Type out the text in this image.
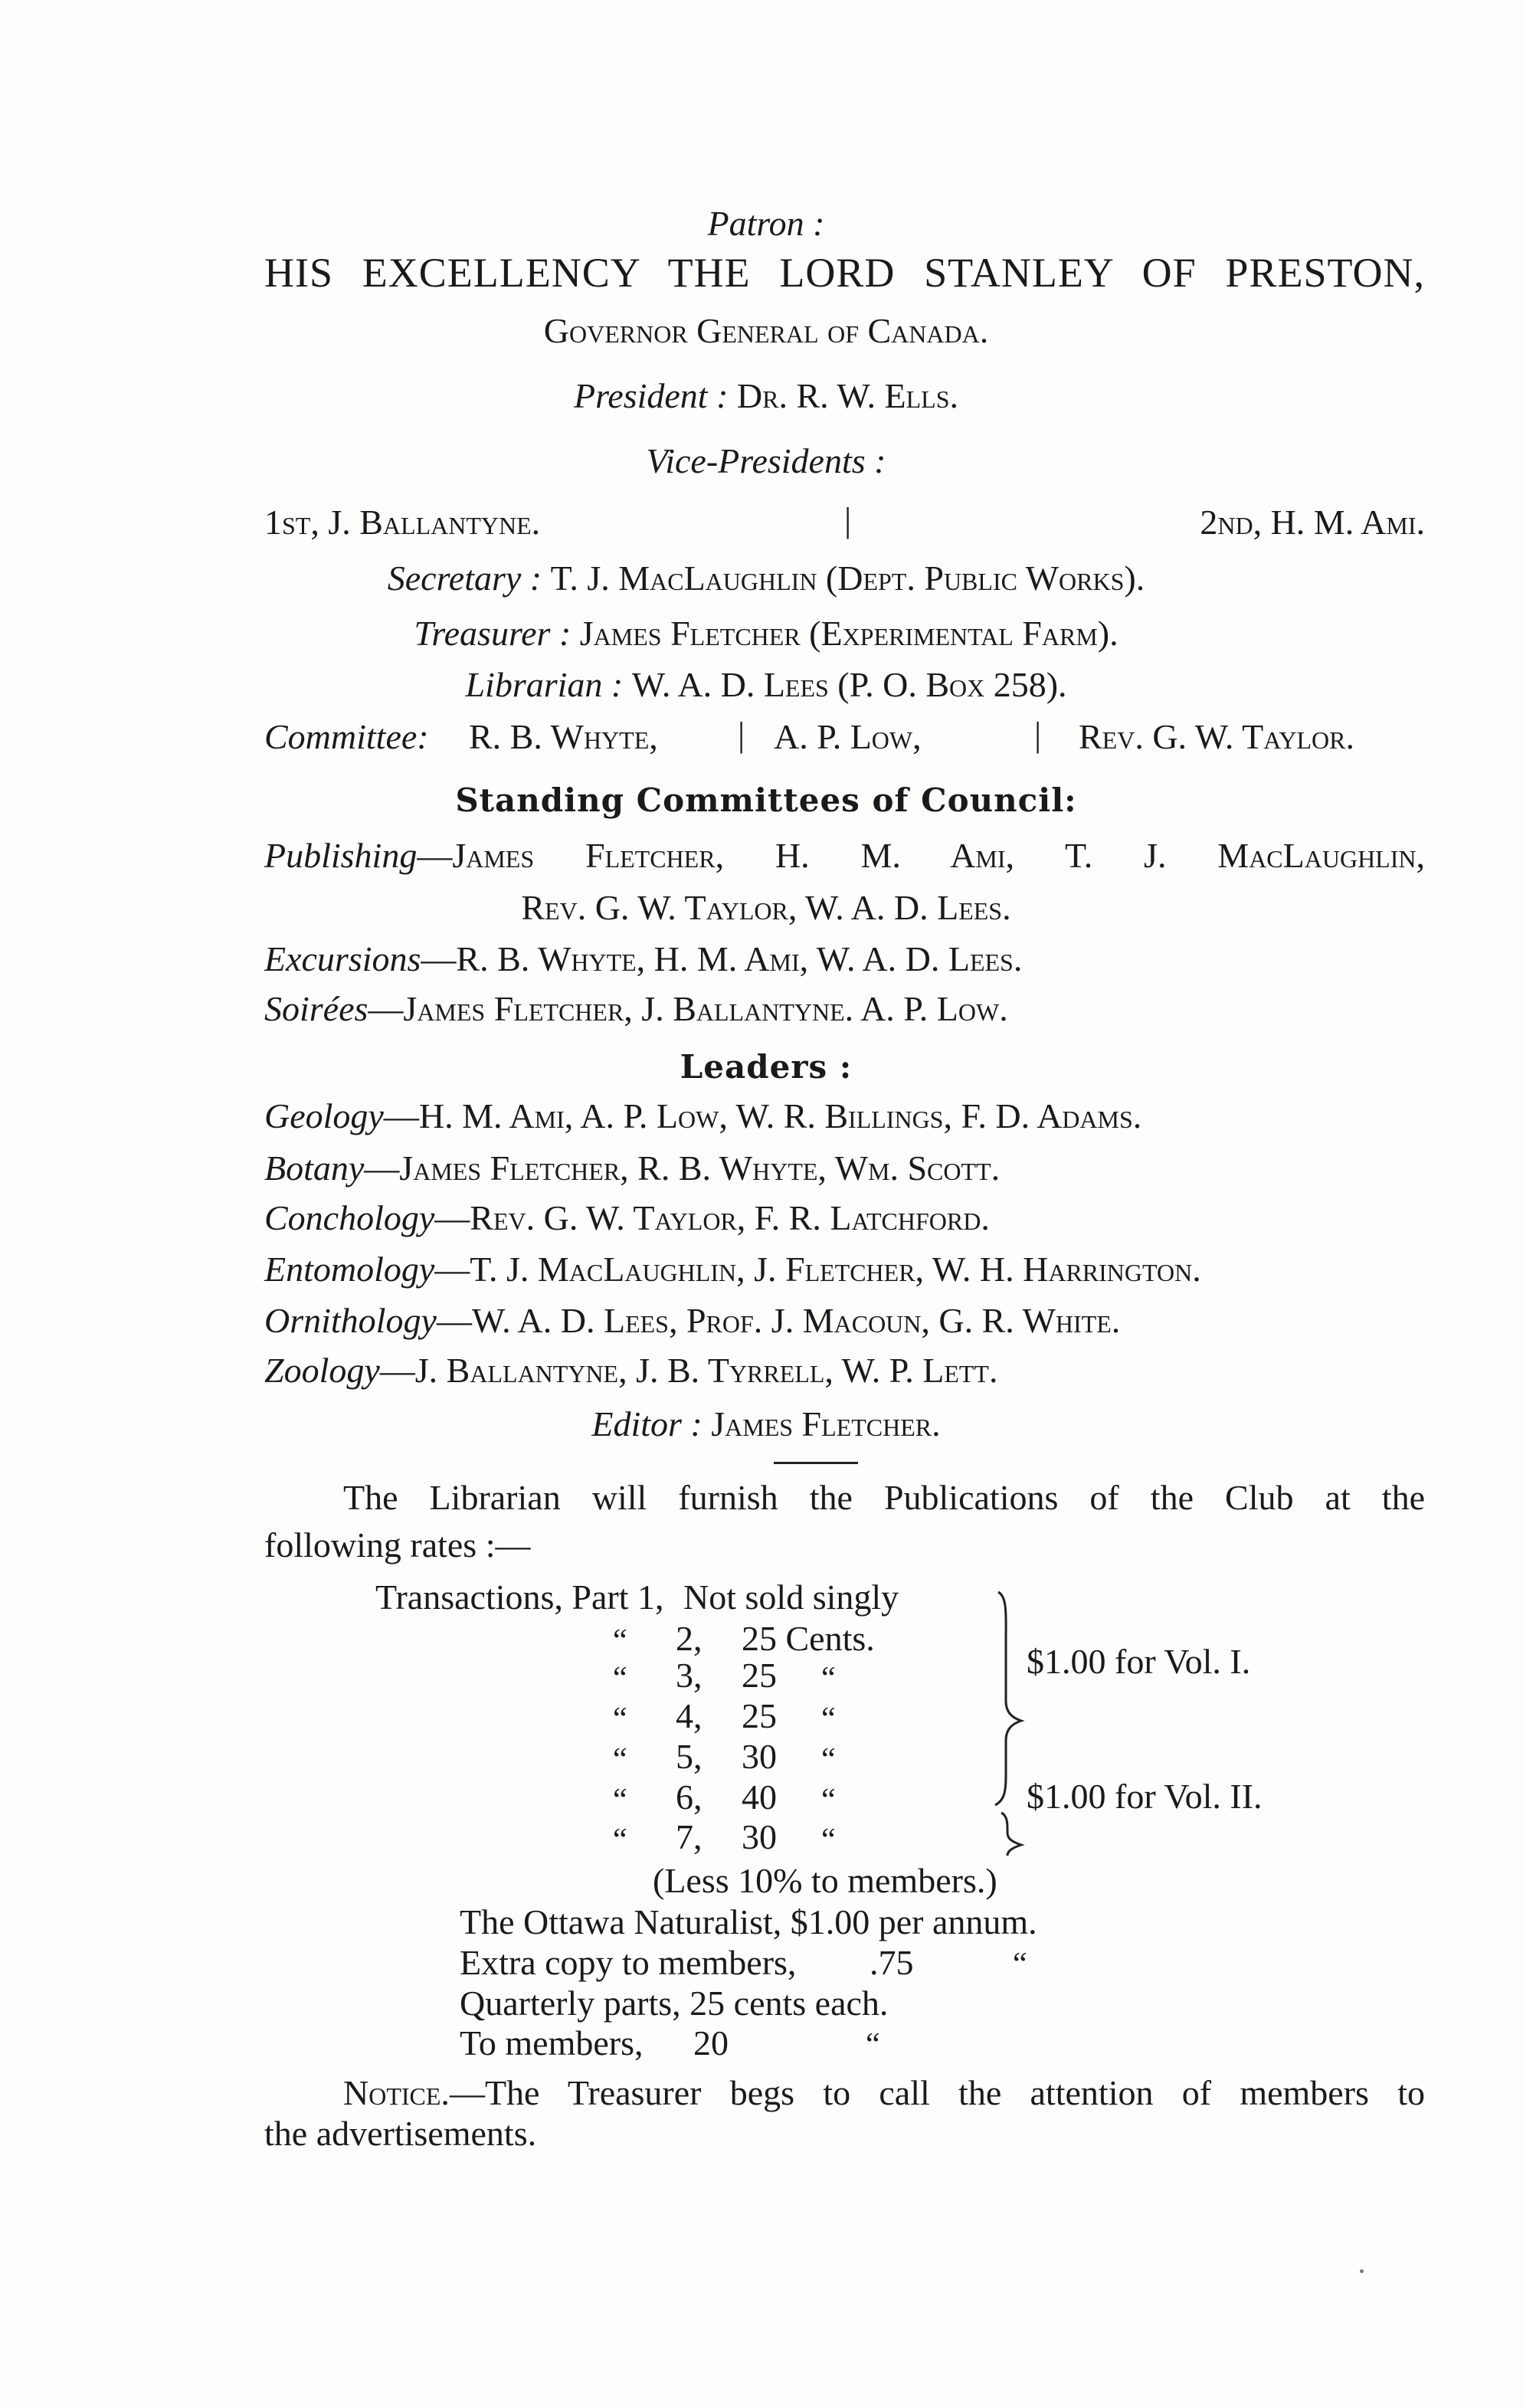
Patron :
HIS EXCELLENCY THE LORD STANLEY OF PRESTON,
Governor General of Canada.
President : Dr. R. W. Ells.
Vice-Presidents :
1st, J. Ballantyne.	|	2nd, H. M. Ami.
Secretary : T. J. MacLaughlin (Dept. Public Works).
Treasurer : James Fletcher (Experimental Farm).
Librarian : W. A. D. Lees (P. O. Box 258).
Committee: R. B. Whyte, | A. P. Low,	| Rev. G. W. Taylor.
Standing Committees of Council:
Publishing—James Fletcher, H. M. Ami, T. J. MacLaughlin,
Rev. G. W. Taylor, W. A. D. Lees.
Excursions—R. B. Whyte, H. M. Ami, W. A. D. Lees.
Soirées—James Fletcher, J. Ballantyne. A. P. Low.
Leaders :
Geology—H. M. Ami, A. P. Low, W. R. Billings, F. D. Adams.
Botany—James Fletcher, R. B. Whyte, Wm. Scott.
Conchology—Rev. G. W. Taylor, F. R. Latchford.
Entomology—T. J. MacLaughlin, J. Fletcher, W. H. Harrington.
Ornithology—W. A. D. Lees, Prof. J. Macoun, G. R. White.
Zoology—J. Ballantyne, J. B. Tyrrell, W. P. Lett.
Editor : James Fletcher.
The Librarian will furnish the Publications of the Club at the
following rates :—
Transactions, Part 1, Not sold singly
“ 2, 25 Cents.
“ 3, 25 “
“ 4, 25 “
“ 5, 30 “
“ 6, 40 “
“ 7, 30 “
$1.00 for Vol. I.
$1.00 for Vol. II.
(Less 10% to members.)
The Ottawa Naturalist, $1.00 per annum.
Extra copy to members, .75	“
Quarterly parts, 25 cents each.
To members, 20	“
Notice. —The Treasurer begs to call the attention of members to
the advertisements.
